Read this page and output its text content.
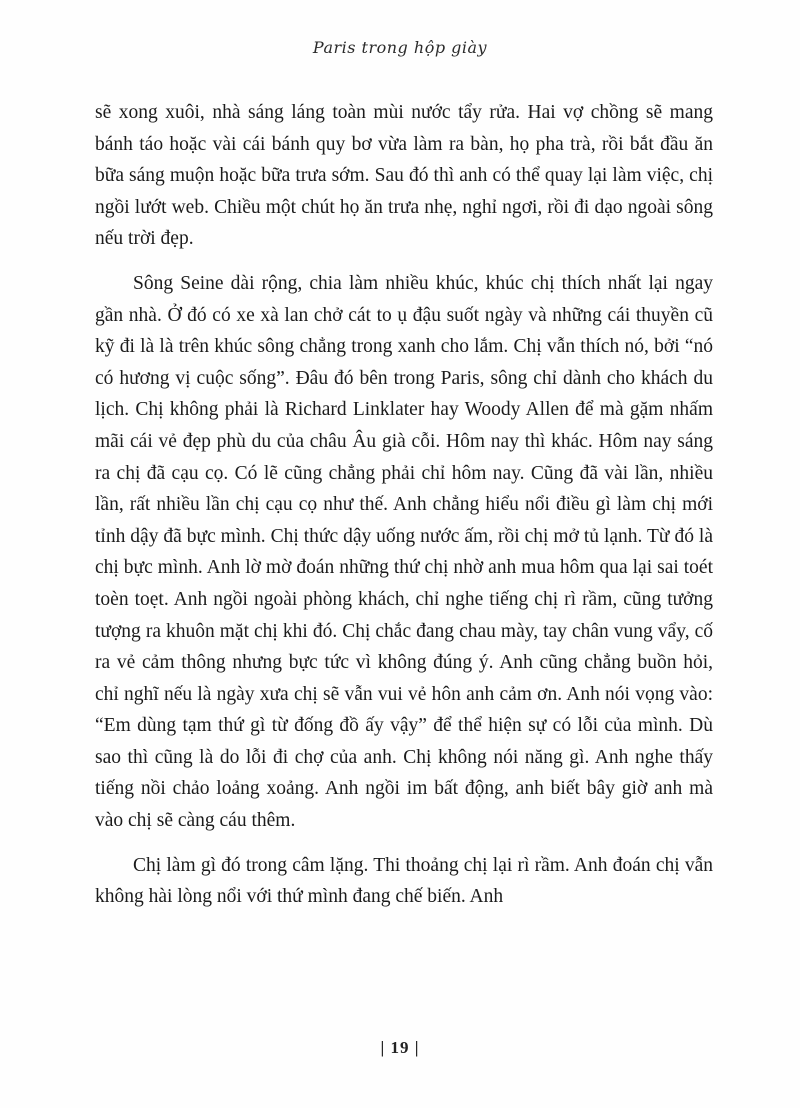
Paris trong hộp giày

sẽ xong xuôi, nhà sáng láng toàn mùi nước tẩy rửa. Hai vợ chồng sẽ mang bánh táo hoặc vài cái bánh quy bơ vừa làm ra bàn, họ pha trà, rồi bắt đầu ăn bữa sáng muộn hoặc bữa trưa sớm. Sau đó thì anh có thể quay lại làm việc, chị ngồi lướt web. Chiều một chút họ ăn trưa nhẹ, nghỉ ngơi, rồi đi dạo ngoài sông nếu trời đẹp.

Sông Seine dài rộng, chia làm nhiều khúc, khúc chị thích nhất lại ngay gần nhà. Ở đó có xe xà lan chở cát to ụ đậu suốt ngày và những cái thuyền cũ kỹ đi là là trên khúc sông chẳng trong xanh cho lắm. Chị vẫn thích nó, bởi “nó có hương vị cuộc sống”. Đâu đó bên trong Paris, sông chỉ dành cho khách du lịch. Chị không phải là Richard Linklater hay Woody Allen để mà gặm nhấm mãi cái vẻ đẹp phù du của châu Âu già cỗi. Hôm nay thì khác. Hôm nay sáng ra chị đã cạu cọ. Có lẽ cũng chẳng phải chỉ hôm nay. Cũng đã vài lần, nhiều lần, rất nhiều lần chị cạu cọ như thế. Anh chẳng hiểu nổi điều gì làm chị mới tỉnh dậy đã bực mình. Chị thức dậy uống nước ấm, rồi chị mở tủ lạnh. Từ đó là chị bực mình. Anh lờ mờ đoán những thứ chị nhờ anh mua hôm qua lại sai toét toèn toẹt. Anh ngồi ngoài phòng khách, chỉ nghe tiếng chị rì rầm, cũng tưởng tượng ra khuôn mặt chị khi đó. Chị chắc đang chau mày, tay chân vung vẩy, cố ra vẻ cảm thông nhưng bực tức vì không đúng ý. Anh cũng chẳng buồn hỏi, chỉ nghĩ nếu là ngày xưa chị sẽ vẫn vui vẻ hôn anh cảm ơn. Anh nói vọng vào: “Em dùng tạm thứ gì từ đống đồ ấy vậy” để thể hiện sự có lỗi của mình. Dù sao thì cũng là do lỗi đi chợ của anh. Chị không nói năng gì. Anh nghe thấy tiếng nồi chảo loảng xoảng. Anh ngồi im bất động, anh biết bây giờ anh mà vào chị sẽ càng cáu thêm.

Chị làm gì đó trong câm lặng. Thi thoảng chị lại rì rầm. Anh đoán chị vẫn không hài lòng nổi với thứ mình đang chế biến. Anh

| 19 |
